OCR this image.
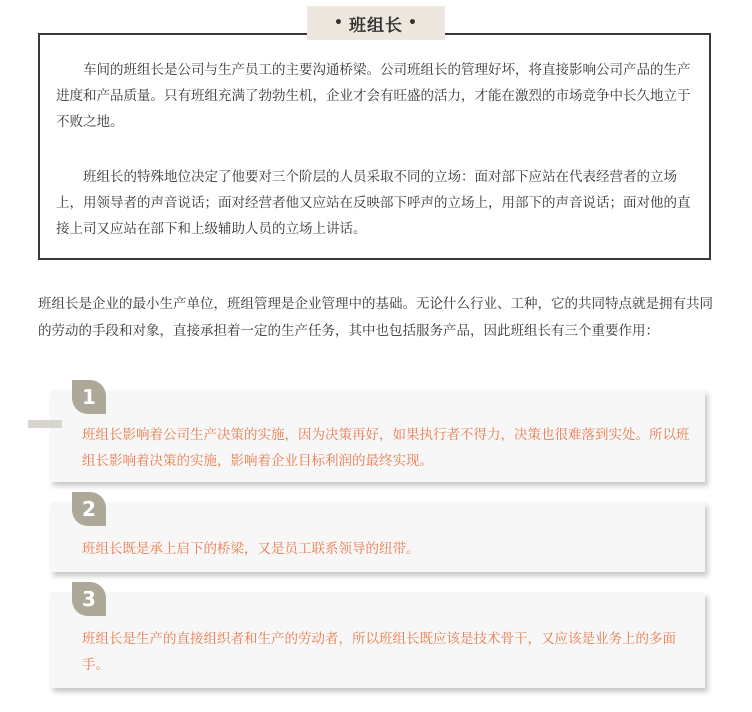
• 班组长 •

车间的班组长是公司与生产员工的主要沟通桥梁。公司班组长的管理好坏，将直接影响公司产品的生产进度和产品质量。只有班组充满了勃勃生机，企业才会有旺盛的活力，才能在激烈的市场竞争中长久地立于不败之地。

班组长的特殊地位决定了他要对三个阶层的人员采取不同的立场：面对部下应站在代表经营者的立场上，用领导者的声音说话；面对经营者他又应站在反映部下呼声的立场上，用部下的声音说话；面对他的直接上司又应站在部下和上级辅助人员的立场上讲话。

班组长是企业的最小生产单位，班组管理是企业管理中的基础。无论什么行业、工种，它的共同特点就是拥有共同的劳动的手段和对象，直接承担着一定的生产任务，其中也包括服务产品，因此班组长有三个重要作用：

1

班组长影响着公司生产决策的实施，因为决策再好，如果执行者不得力，决策也很难落到实处。所以班组长影响着决策的实施，影响着企业目标利润的最终实现。

2

班组长既是承上启下的桥梁，又是员工联系领导的纽带。

3

班组长是生产的直接组织者和生产的劳动者，所以班组长既应该是技术骨干，又应该是业务上的多面手。
